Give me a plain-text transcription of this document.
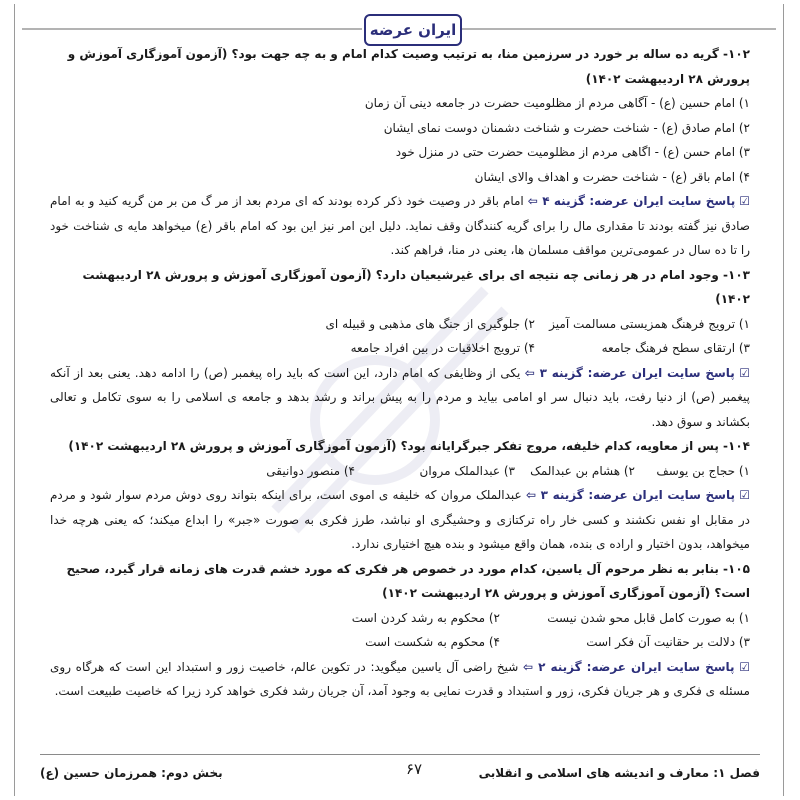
ایران عرضه
۱۰۲- گریه ده ساله بر خورد در سرزمین منا، به ترتیب وصیت کدام امام و به چه جهت بود؟ (آزمون آموزگاری آموزش و پرورش ۲۸ اردیبهشت ۱۴۰۲)
۱) امام حسین (ع) - آگاهی مردم از مظلومیت حضرت در جامعه دینی آن زمان
۲) امام صادق (ع) - شناخت حضرت و شناخت دشمنان دوست نمای ایشان
۳) امام حسن (ع) - اگاهی مردم از مظلومیت حضرت حتی در منزل خود
۴) امام باقر (ع) - شناخت حضرت و اهداف والای ایشان
☑ پاسخ سایت ایران عرضه: گزینه ۴ ⇦ امام باقر در وصیت خود ذکر کرده بودند که ای مردم بعد از مر گ من بر من گریه کنید و به امام صادق نیز گفته بودند تا مقداری مال را برای گریه کنندگان وقف نماید. دلیل این امر نیز این بود که امام باقر (ع) میخواهد مایه ی شناخت خود را تا ده سال در عمومی‌ترین مواقف مسلمان ها، یعنی در منا، فراهم کند.
۱۰۳- وجود امام در هر زمانی چه نتیجه ای برای غیرشیعیان دارد؟ (آزمون آموزگاری آموزش و پرورش ۲۸ اردیبهشت ۱۴۰۲)
۱) ترویج فرهنگ همزیستی مسالمت آمیز
۲) جلوگیری از جنگ های مذهبی و قبیله ای
۳) ارتقای سطح فرهنگ جامعه
۴) ترویج اخلاقیات در بین افراد جامعه
☑ پاسخ سایت ایران عرضه: گزینه ۳ ⇦ یکی از وظایفی که امام دارد، این است که باید راه پیغمبر (ص) را ادامه دهد. یعنی بعد از آنکه پیغمبر (ص) از دنیا رفت، باید دنبال سر او امامی بیاید و مردم را به پیش براند و رشد بدهد و جامعه ی اسلامی را به سوی تکامل و تعالی بکشاند و سوق دهد.
۱۰۴- پس از معاویه، کدام خلیفه، مروج تفکر جبرگرایانه بود؟ (آزمون آموزگاری آموزش و پرورش ۲۸ اردیبهشت ۱۴۰۲)
۱) حجاج بن یوسف
۲) هشام بن عبدالمک
۳) عبدالملک مروان
۴) منصور دوانیقی
☑ پاسخ سایت ایران عرضه: گزینه ۳ ⇦ عبدالملک مروان که خلیفه ی اموی است، برای اینکه بتواند روی دوش مردم سوار شود و مردم در مقابل او نفس نکشند و کسی خار راه ترکتازی و وحشیگری او نباشد، طرز فکری به صورت «جبر» را ابداع میکند؛ که یعنی هرچه خدا میخواهد، بدون اختیار و اراده ی بنده، همان واقع میشود و بنده هیچ اختیاری ندارد.
۱۰۵- بنابر به نظر مرحوم آل یاسین، کدام مورد در خصوص هر فکری که مورد خشم قدرت های زمانه قرار گیرد، صحیح است؟ (آزمون آموزگاری آموزش و پرورش ۲۸ اردیبهشت ۱۴۰۲)
۱) به صورت کامل قابل محو شدن نیست
۲) محکوم به رشد کردن است
۳) دلالت بر حقانیت آن فکر است
۴) محکوم به شکست است
☑ پاسخ سایت ایران عرضه: گزینه ۲ ⇦ شیخ راضی آل یاسین میگوید: در تکوین عالم، خاصیت زور و استبداد این است که هرگاه روی مسئله ی فکری و هر جریان فکری، زور و استبداد و قدرت نمایی به وجود آمد، آن جریان رشد فکری خواهد کرد زیرا که خاصیت طبیعت است.
فصل ۱: معارف و اندیشه های اسلامی و انقلابی
۶۷
بخش دوم: همرزمان حسین (ع)
